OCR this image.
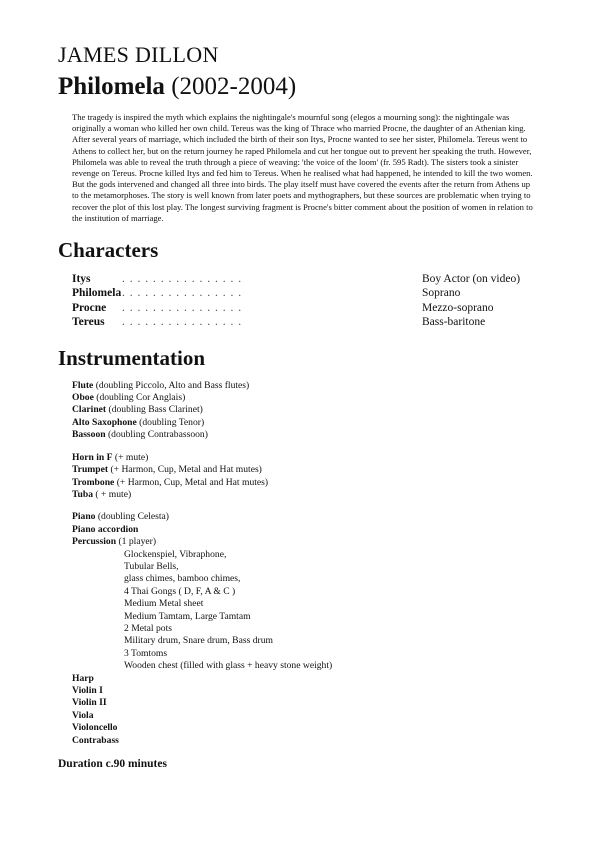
JAMES DILLON
Philomela (2002-2004)

The tragedy is inspired the myth which explains the nightingale's mournful song (elegos a mourning song): the nightingale was originally a woman who killed her own child. Tereus was the king of Thrace who married Procne, the daughter of an Athenian king. After several years of marriage, which included the birth of their son Itys, Procne wanted to see her sister, Philomela. Tereus went to Athens to collect her, but on the return journey he raped Philomela and cut her tongue out to prevent her speaking the truth. However, Philomela was able to reveal the truth through a piece of weaving: 'the voice of the loom' (fr. 595 Radt). The sisters took a sinister revenge on Tereus. Procne killed Itys and fed him to Tereus. When he realised what had happened, he intended to kill the two women. But the gods intervened and changed all three into birds. The play itself must have covered the events after the return from Athens up to the metamorphoses. The story is well known from later poets and mythographers, but these sources are problematic when trying to recover the plot of this lost play. The longest surviving fragment is Procne's bitter comment about the position of women in relation to the institution of marriage.

Characters
Itys	. . . . . . . . . . . . . . . .	Boy Actor (on video)
Philomela	. . . . . . . . . . . . . . . .	Soprano
Procne	. . . . . . . . . . . . . . . .	Mezzo-soprano
Tereus	. . . . . . . . . . . . . . . .	Bass-baritone
Instrumentation
Flute (doubling Piccolo, Alto and Bass flutes)
Oboe (doubling Cor Anglais)
Clarinet (doubling Bass Clarinet)
Alto Saxophone (doubling Tenor)
Bassoon (doubling Contrabassoon)
Horn in F (+ mute)
Trumpet (+ Harmon, Cup, Metal and Hat mutes)
Trombone (+ Harmon, Cup, Metal and Hat mutes)
Tuba ( + mute)
Piano (doubling Celesta)
Piano accordion
Percussion (1 player)
Glockenspiel, Vibraphone,
Tubular Bells,
glass chimes, bamboo chimes,
4 Thai Gongs ( D, F, A & C )
Medium Metal sheet
Medium Tamtam, Large Tamtam
2 Metal pots
Military drum, Snare drum, Bass drum
3 Tomtoms
Wooden chest (filled with glass + heavy stone weight)
Harp
Violin I
Violin II
Viola
Violoncello
Contrabass

Duration c.90 minutes
